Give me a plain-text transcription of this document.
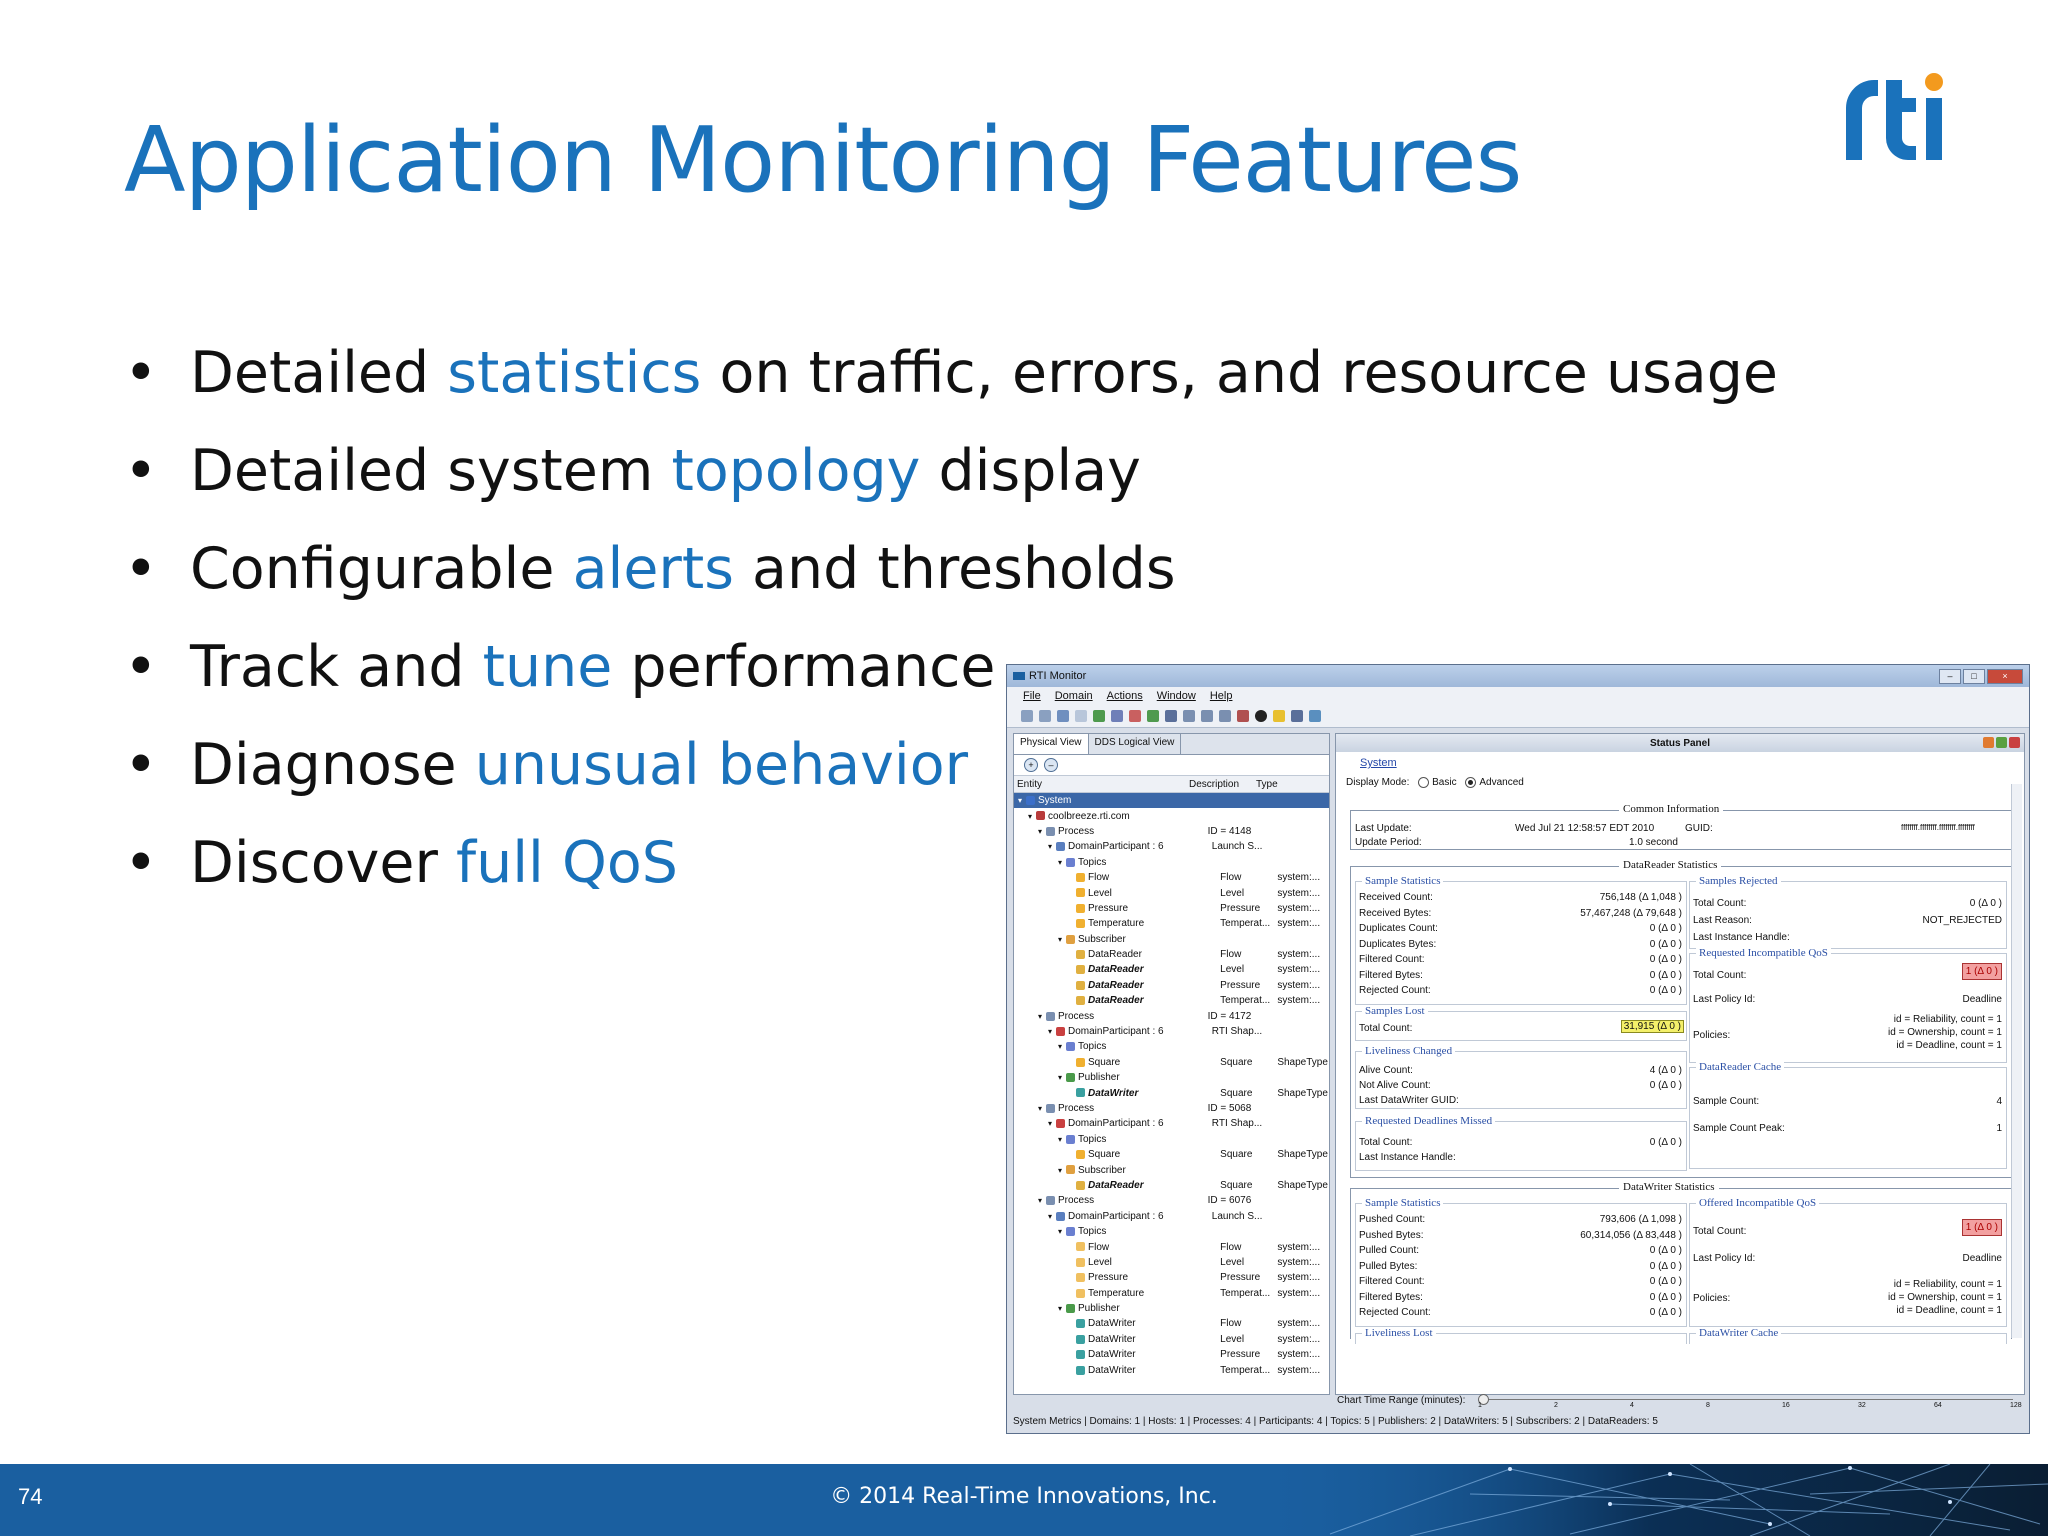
Application Monitoring Features
• Detailed statistics on traffic, errors, and resource usage
• Detailed system topology display
• Configurable alerts and thresholds
• Track and tune performance
• Diagnose unusual behavior
• Discover full QoS
RTI Monitor	–	□	×
File Domain Actions Window Help
Physical View	DDS Logical View
+	–
Entity	Description	Type
▾ System
▾ coolbreeze.rti.com
▾ Process	ID = 4148
▾ DomainParticipant : 6	Launch S...
▾ Topics
Flow	Flow	system:...
Level	Level	system:...
Pressure	Pressure	system:...
Temperature	Temperat... system:...
▾ Subscriber
DataReader	Flow	system:...
DataReader	Level	system:...
DataReader	Pressure	system:...
DataReader	Temperat... system:...
▾ Process	ID = 4172
▾ DomainParticipant : 6	RTI Shap...
▾ Topics
Square	Square	ShapeType
▾ Publisher
DataWriter	Square	ShapeType
▾ Process	ID = 5068
▾ DomainParticipant : 6	RTI Shap...
▾ Topics
Square	Square	ShapeType
▾ Subscriber
DataReader	Square	ShapeType
▾ Process	ID = 6076
▾ DomainParticipant : 6	Launch S...
▾ Topics
Flow	Flow	system:...
Level	Level	system:...
Pressure	Pressure	system:...
Temperature	Temperat... system:...
▾ Publisher
DataWriter	Flow	system:...
DataWriter	Level	system:...
DataWriter	Pressure	system:...
DataWriter	Temperat... system:...
Status Panel
System
Display Mode: Basic Advanced
Common Information
Last Update:	Wed Jul 21 12:58:57 EDT 2010
Update Period:	1.0 second
GUID:	ffffffff.ffffffff.ffffffff.ffffffff
DataReader Statistics
Sample Statistics
Received Count:	756,148 (Δ 1,048 )
Received Bytes:	57,467,248 (Δ 79,648 )
Duplicates Count:	0 (Δ 0 )
Duplicates Bytes:	0 (Δ 0 )
Filtered Count:	0 (Δ 0 )
Filtered Bytes:	0 (Δ 0 )
Rejected Count:	0 (Δ 0 )
Samples Lost
Total Count:	31,915 (Δ 0 )
Liveliness Changed
Alive Count:	4 (Δ 0 )
Not Alive Count:	0 (Δ 0 )
Last DataWriter GUID:
Requested Deadlines Missed
Total Count:	0 (Δ 0 )
Last Instance Handle:
Samples Rejected
Total Count:	0 (Δ 0 )
Last Reason:	NOT_REJECTED
Last Instance Handle:
Requested Incompatible QoS
Total Count:	1 (Δ 0 )
Last Policy Id:	Deadline
Policies:
id = Reliability, count = 1
id = Ownership, count = 1
id = Deadline, count = 1
DataReader Cache
Sample Count:	4
Sample Count Peak:	1
DataWriter Statistics
Sample Statistics
Pushed Count:	793,606 (Δ 1,098 )
Pushed Bytes:	60,314,056 (Δ 83,448 )
Pulled Count:	0 (Δ 0 )
Pulled Bytes:	0 (Δ 0 )
Filtered Count:	0 (Δ 0 )
Filtered Bytes:	0 (Δ 0 )
Rejected Count:	0 (Δ 0 )
Liveliness Lost
Offered Incompatible QoS
Total Count:	1 (Δ 0 )
Last Policy Id:	Deadline
Policies:
id = Reliability, count = 1
id = Ownership, count = 1
id = Deadline, count = 1
DataWriter Cache
Chart Time Range (minutes): 1	2	4	8	16	32	64	128
System Metrics | Domains: 1 | Hosts: 1 | Processes: 4 | Participants: 4 | Topics: 5 | Publishers: 2 | DataWriters: 5 | Subscribers: 2 | DataReaders: 5
74	© 2014 Real-Time Innovations, Inc.
